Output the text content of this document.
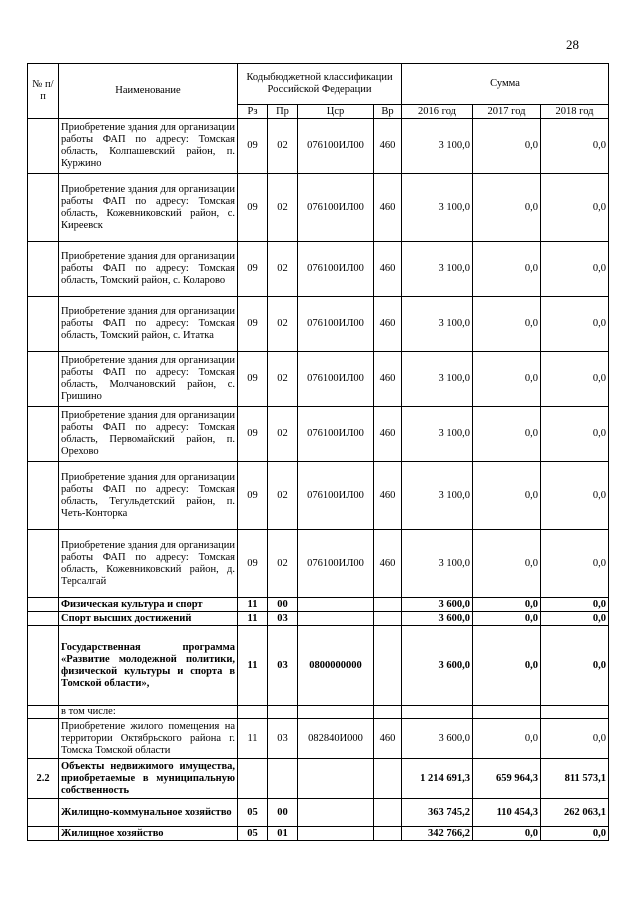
28
№ п/п	Наименование	Кодыбюджетной классификации Российской Федерации				Сумма		
		Рз	Пр	Цср	Вр	2016 год	2017 год	2018 год
	Приобретение здания для организации работы ФАП по адресу: Томская область, Колпашевский район, п. Куржино	09	02	076100ИЛ00	460	3 100,0	0,0	0,0
	Приобретение здания для организации работы ФАП по адресу: Томская область, Кожевниковский район, с. Киреевск	09	02	076100ИЛ00	460	3 100,0	0,0	0,0
	Приобретение здания для организации работы ФАП по адресу: Томская область, Томский район, с. Коларово	09	02	076100ИЛ00	460	3 100,0	0,0	0,0
	Приобретение здания для организации работы ФАП по адресу: Томская область, Томский район, с. Итатка	09	02	076100ИЛ00	460	3 100,0	0,0	0,0
	Приобретение здания для организации работы ФАП по адресу: Томская область, Молчановский район, с. Гришино	09	02	076100ИЛ00	460	3 100,0	0,0	0,0
	Приобретение здания для организации работы ФАП по адресу: Томская область, Первомайский район, п. Орехово	09	02	076100ИЛ00	460	3 100,0	0,0	0,0
	Приобретение здания для организации работы ФАП по адресу: Томская область, Тегульдетский район, п. Четь-Конторка	09	02	076100ИЛ00	460	3 100,0	0,0	0,0
	Приобретение здания для организации работы ФАП по адресу: Томская область, Кожевниковский район, д. Терсалгай	09	02	076100ИЛ00	460	3 100,0	0,0	0,0
	Физическая культура и спорт	11	00			3 600,0	0,0	0,0
	Спорт высших достижений	11	03			3 600,0	0,0	0,0
	Государственная программа «Развитие молодежной политики, физической культуры и спорта в Томской области»,	11	03	0800000000		3 600,0	0,0	0,0
	в том числе:							
	Приобретение жилого помещения на территории Октябрьского района г. Томска Томской области	11	03	082840И000	460	3 600,0	0,0	0,0
2.2	Объекты недвижимого имущества, приобретаемые в муниципальную собственность					1 214 691,3	659 964,3	811 573,1
	Жилищно-коммунальное хозяйство	05	00			363 745,2	110 454,3	262 063,1
	Жилищное хозяйство	05	01			342 766,2	0,0	0,0
